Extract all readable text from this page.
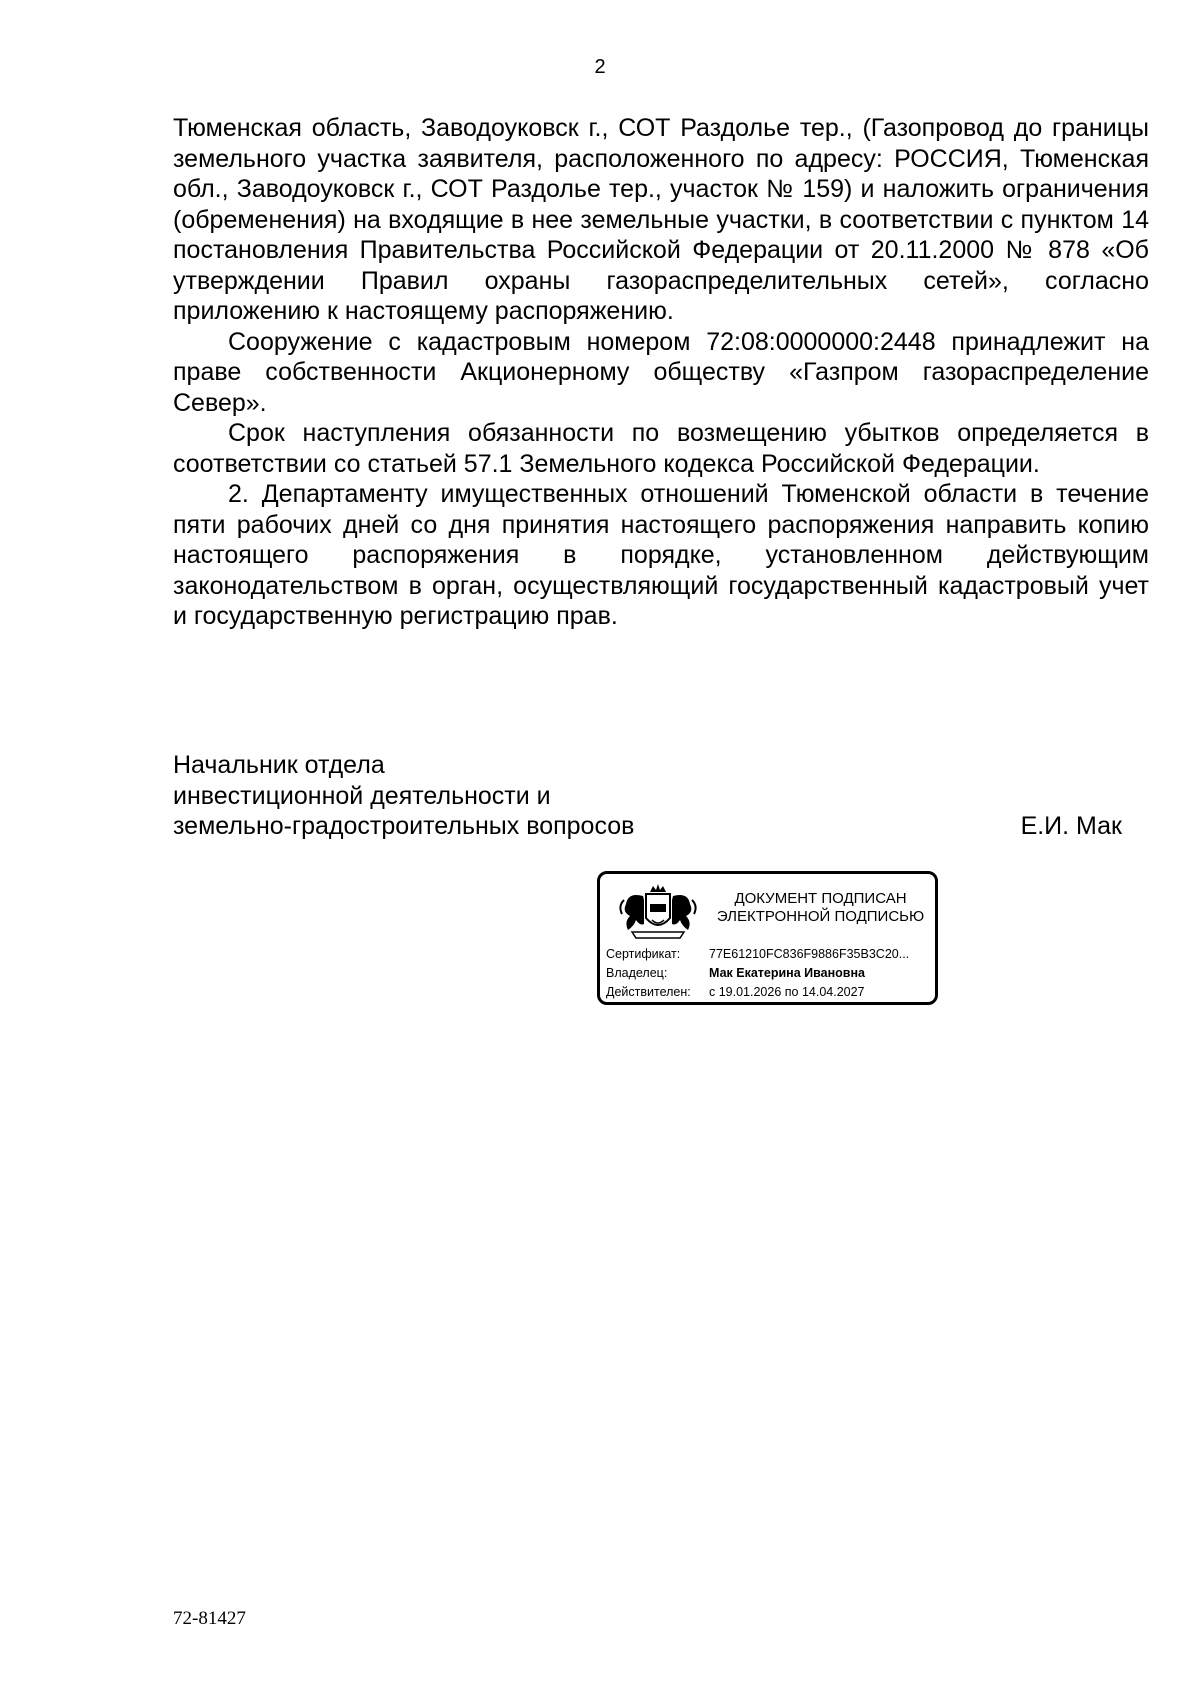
2

Тюменская область, Заводоуковск г., СОТ Раздолье тер., (Газопровод до границы земельного участка заявителя, расположенного по адресу: РОССИЯ, Тюменская обл., Заводоуковск г., СОТ Раздолье тер., участок № 159) и наложить ограничения (обременения) на входящие в нее земельные участки, в соответствии с пунктом 14 постановления Правительства Российской Федерации от 20.11.2000 № 878 «Об утверждении Правил охраны газораспределительных сетей», согласно приложению к настоящему распоряжению.

Сооружение с кадастровым номером 72:08:0000000:2448 принадлежит на праве собственности Акционерному обществу «Газпром газораспределение Север».

Срок наступления обязанности по возмещению убытков определяется в соответствии со статьей 57.1 Земельного кодекса Российской Федерации.

2. Департаменту имущественных отношений Тюменской области в течение пяти рабочих дней со дня принятия настоящего распоряжения направить копию настоящего распоряжения в порядке, установленном действующим законодательством в орган, осуществляющий государственный кадастровый учет и государственную регистрацию прав.

Начальник отдела
инвестиционной деятельности и
земельно-градостроительных вопросов	Е.И. Мак
ДОКУМЕНТ ПОДПИСАН
ЭЛЕКТРОННОЙ ПОДПИСЬЮ
Сертификат:	77E61210FC836F9886F35B3C20...
Владелец:	Мак Екатерина Ивановна
Действителен:	с 19.01.2026 по 14.04.2027
72-81427
